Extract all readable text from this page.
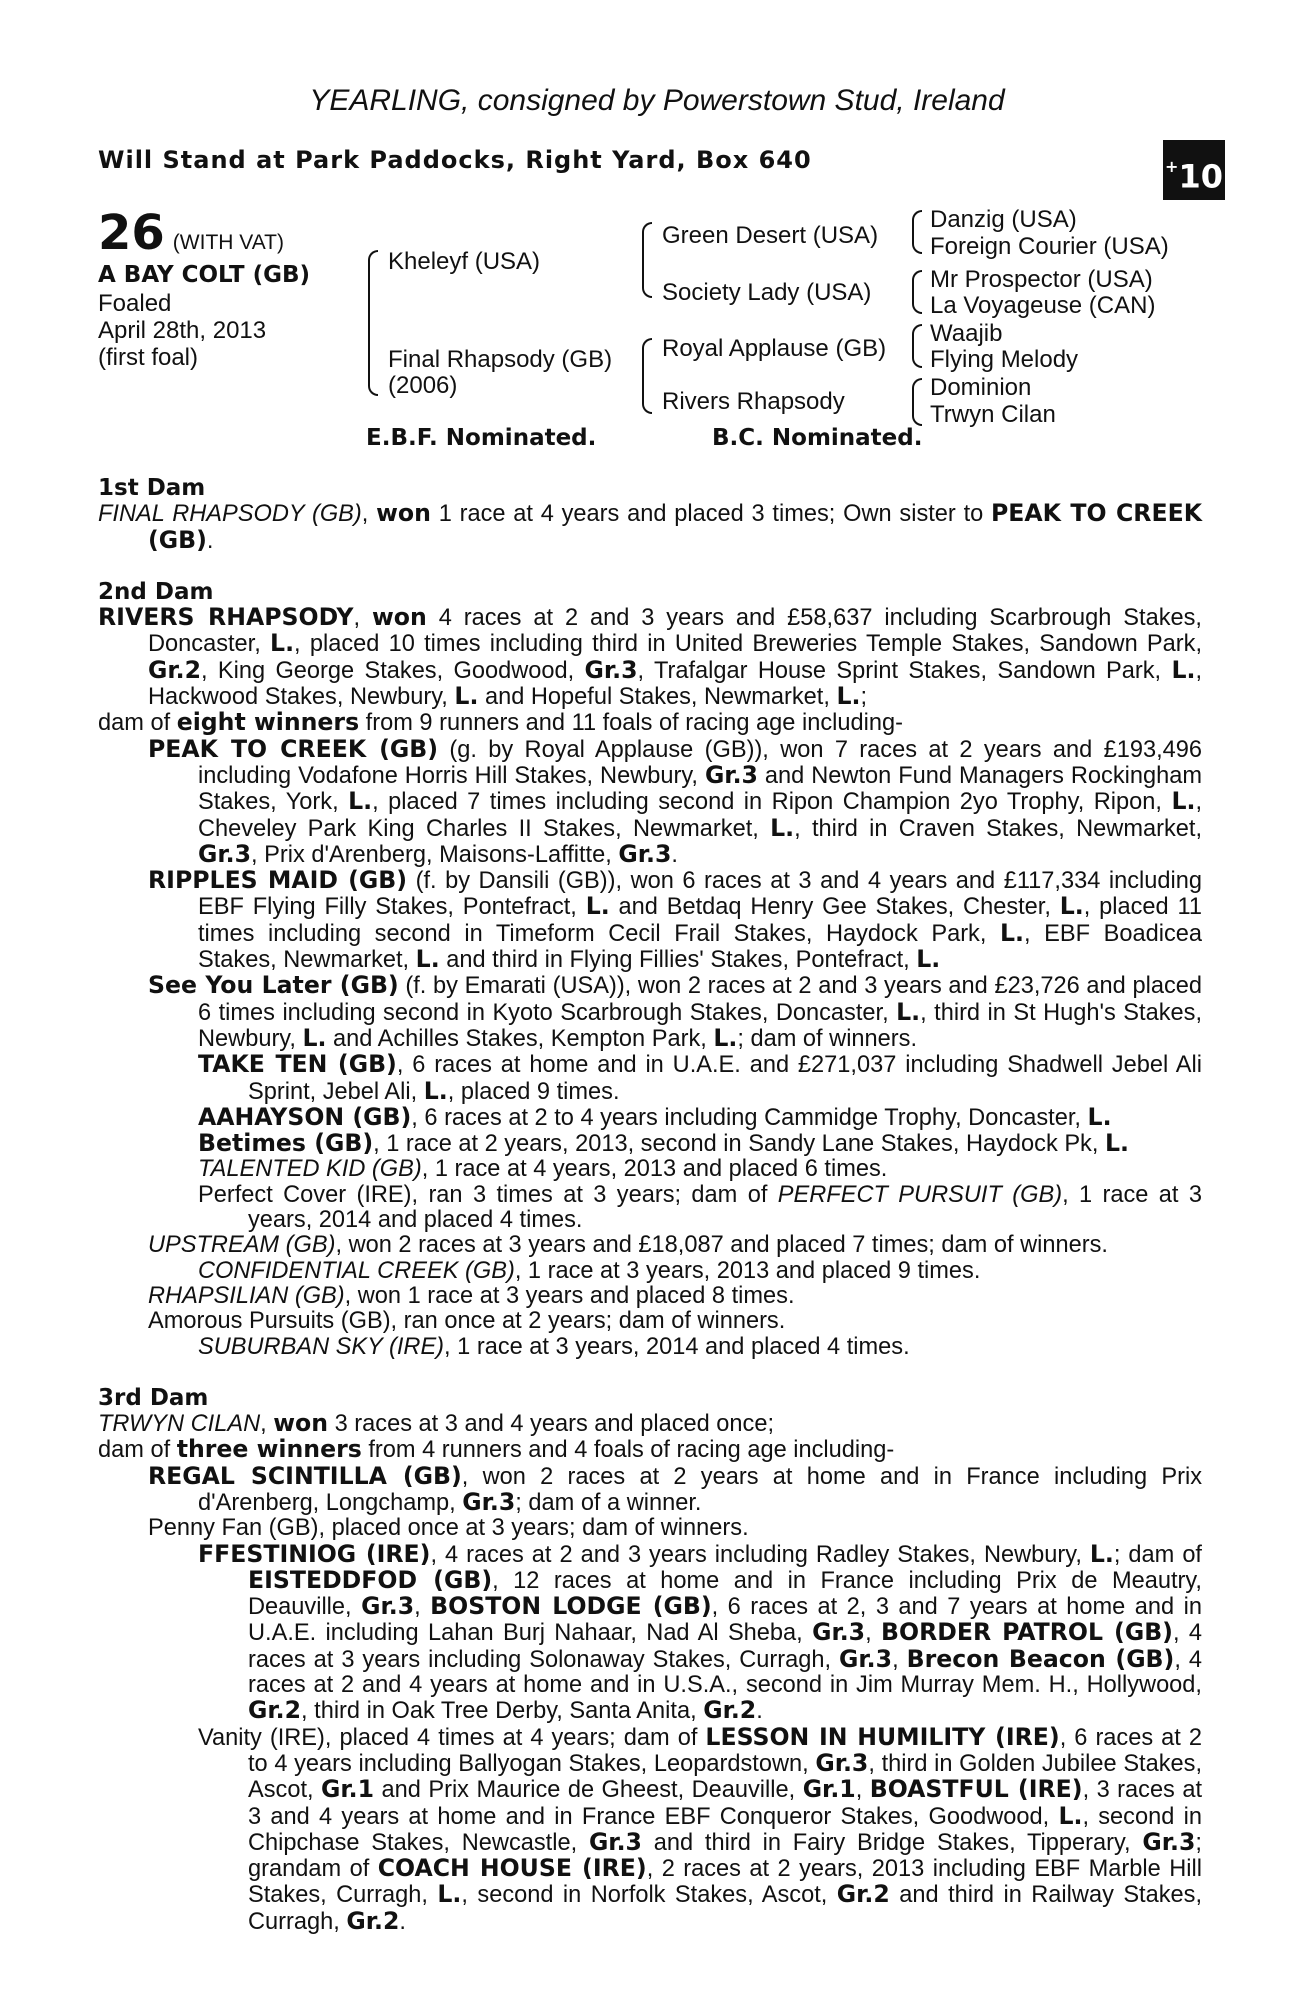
YEARLING, consigned by Powerstown Stud, Ireland
Will Stand at Park Paddocks, Right Yard, Box 640	+10
26 (WITH VAT)
A BAY COLT (GB)
Foaled
April 28th, 2013
(first foal)
Kheleyf (USA)
Final Rhapsody (GB)
(2006)
Green Desert (USA)
Society Lady (USA)
Royal Applause (GB)
Rivers Rhapsody
Danzig (USA)
Foreign Courier (USA)
Mr Prospector (USA)
La Voyageuse (CAN)
Waajib
Flying Melody
Dominion
Trwyn Cilan
E.B.F. Nominated.	B.C. Nominated.

1st Dam

FINAL RHAPSODY (GB), won 1 race at 4 years and placed 3 times; Own sister to PEAK TO CREEK (GB).

2nd Dam

RIVERS RHAPSODY, won 4 races at 2 and 3 years and £58,637 including Scarbrough Stakes, Doncaster, L., placed 10 times including third in United Breweries Temple Stakes, Sandown Park, Gr.2, King George Stakes, Goodwood, Gr.3, Trafalgar House Sprint Stakes, Sandown Park, L., Hackwood Stakes, Newbury, L. and Hopeful Stakes, Newmarket, L.;

dam of eight winners from 9 runners and 11 foals of racing age including-

PEAK TO CREEK (GB) (g. by Royal Applause (GB)), won 7 races at 2 years and £193,496 including Vodafone Horris Hill Stakes, Newbury, Gr.3 and Newton Fund Managers Rockingham Stakes, York, L., placed 7 times including second in Ripon Champion 2yo Trophy, Ripon, L., Cheveley Park King Charles II Stakes, Newmarket, L., third in Craven Stakes, Newmarket, Gr.3, Prix d'Arenberg, Maisons-Laffitte, Gr.3.

RIPPLES MAID (GB) (f. by Dansili (GB)), won 6 races at 3 and 4 years and £117,334 including EBF Flying Filly Stakes, Pontefract, L. and Betdaq Henry Gee Stakes, Chester, L., placed 11 times including second in Timeform Cecil Frail Stakes, Haydock Park, L., EBF Boadicea Stakes, Newmarket, L. and third in Flying Fillies' Stakes, Pontefract, L.

See You Later (GB) (f. by Emarati (USA)), won 2 races at 2 and 3 years and £23,726 and placed 6 times including second in Kyoto Scarbrough Stakes, Doncaster, L., third in St Hugh's Stakes, Newbury, L. and Achilles Stakes, Kempton Park, L.; dam of winners.

TAKE TEN (GB), 6 races at home and in U.A.E. and £271,037 including Shadwell Jebel Ali Sprint, Jebel Ali, L., placed 9 times.

AAHAYSON (GB), 6 races at 2 to 4 years including Cammidge Trophy, Doncaster, L.

Betimes (GB), 1 race at 2 years, 2013, second in Sandy Lane Stakes, Haydock Pk, L.

TALENTED KID (GB), 1 race at 4 years, 2013 and placed 6 times.

Perfect Cover (IRE), ran 3 times at 3 years; dam of PERFECT PURSUIT (GB), 1 race at 3 years, 2014 and placed 4 times.

UPSTREAM (GB), won 2 races at 3 years and £18,087 and placed 7 times; dam of winners.

CONFIDENTIAL CREEK (GB), 1 race at 3 years, 2013 and placed 9 times.

RHAPSILIAN (GB), won 1 race at 3 years and placed 8 times.

Amorous Pursuits (GB), ran once at 2 years; dam of winners.

SUBURBAN SKY (IRE), 1 race at 3 years, 2014 and placed 4 times.

3rd Dam

TRWYN CILAN, won 3 races at 3 and 4 years and placed once;

dam of three winners from 4 runners and 4 foals of racing age including-

REGAL SCINTILLA (GB), won 2 races at 2 years at home and in France including Prix d'Arenberg, Longchamp, Gr.3; dam of a winner.

Penny Fan (GB), placed once at 3 years; dam of winners.

FFESTINIOG (IRE), 4 races at 2 and 3 years including Radley Stakes, Newbury, L.; dam of EISTEDDFOD (GB), 12 races at home and in France including Prix de Meautry, Deauville, Gr.3, BOSTON LODGE (GB), 6 races at 2, 3 and 7 years at home and in U.A.E. including Lahan Burj Nahaar, Nad Al Sheba, Gr.3, BORDER PATROL (GB), 4 races at 3 years including Solonaway Stakes, Curragh, Gr.3, Brecon Beacon (GB), 4 races at 2 and 4 years at home and in U.S.A., second in Jim Murray Mem. H., Hollywood, Gr.2, third in Oak Tree Derby, Santa Anita, Gr.2.

Vanity (IRE), placed 4 times at 4 years; dam of LESSON IN HUMILITY (IRE), 6 races at 2 to 4 years including Ballyogan Stakes, Leopardstown, Gr.3, third in Golden Jubilee Stakes, Ascot, Gr.1 and Prix Maurice de Gheest, Deauville, Gr.1, BOASTFUL (IRE), 3 races at 3 and 4 years at home and in France EBF Conqueror Stakes, Goodwood, L., second in Chipchase Stakes, Newcastle, Gr.3 and third in Fairy Bridge Stakes, Tipperary, Gr.3; grandam of COACH HOUSE (IRE), 2 races at 2 years, 2013 including EBF Marble Hill Stakes, Curragh, L., second in Norfolk Stakes, Ascot, Gr.2 and third in Railway Stakes, Curragh, Gr.2.
